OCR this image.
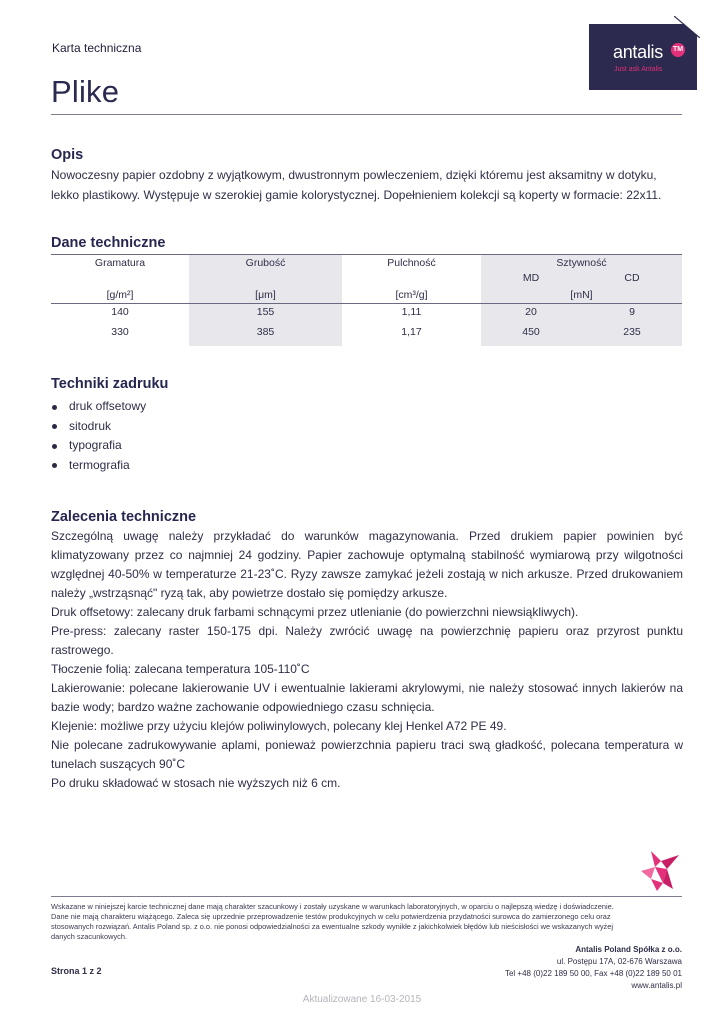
Karta techniczna
Plike
antalis TM
Just ask Antalis
Opis
Nowoczesny papier ozdobny z wyjątkowym, dwustronnym powleczeniem, dzięki któremu jest aksamitny w dotyku, lekko plastikowy. Występuje w szerokiej gamie kolorystycznej. Dopełnieniem kolekcji są koperty w formacie: 22x11.
Dane techniczne
Gramatura	Grubość	Pulchność	Sztywność
MD	CD
[g/m²]	[μm]	[cm³/g]	[mN]
140	155	1,11	20	9
330	385	1,17	450	235
Techniki zadruku
druk offsetowy
sitodruk
typografia
termografia
Zalecenia techniczne

Szczególną uwagę należy przykładać do warunków magazynowania. Przed drukiem papier powinien być klimatyzowany przez co najmniej 24 godziny. Papier zachowuje optymalną stabilność wymiarową przy wilgotności względnej 40-50% w temperaturze 21-23˚C. Ryzy zawsze zamykać jeżeli zostają w nich arkusze. Przed drukowaniem należy „wstrząsnąć" ryzą tak, aby powietrze dostało się pomiędzy arkusze.

Druk offsetowy: zalecany druk farbami schnącymi przez utlenianie (do powierzchni niewsiąkliwych).

Pre-press: zalecany raster 150-175 dpi. Należy zwrócić uwagę na powierzchnię papieru oraz przyrost punktu rastrowego.

Tłoczenie folią: zalecana temperatura 105-110˚C

Lakierowanie: polecane lakierowanie UV i ewentualnie lakierami akrylowymi, nie należy stosować innych lakierów na bazie wody; bardzo ważne zachowanie odpowiedniego czasu schnięcia.

Klejenie: możliwe przy użyciu klejów poliwinylowych, polecany klej Henkel A72 PE 49.

Nie polecane zadrukowywanie aplami, ponieważ powierzchnia papieru traci swą gładkość, polecana temperatura w tunelach suszących 90˚C

Po druku składować w stosach nie wyższych niż 6 cm.

Wskazane w niniejszej karcie technicznej dane mają charakter szacunkowy i zostały uzyskane w warunkach laboratoryjnych, w oparciu o najlepszą wiedzę i doświadczenie.
Dane nie mają charakteru wiążącego. Zaleca się uprzednie przeprowadzenie testów produkcyjnych w celu potwierdzenia przydatności surowca do zamierzonego celu oraz
stosowanych rozwiązań. Antalis Poland sp. z o.o. nie ponosi odpowiedzialności za ewentualne szkody wynikłe z jakichkolwiek błędów lub nieścisłości we wskazanych wyżej
danych szacunkowych.
Antalis Poland Spółka z o.o.
ul. Postępu 17A, 02-676 Warszawa
Tel +48 (0)22 189 50 00, Fax +48 (0)22 189 50 01
www.antalis.pl
Strona 1 z 2
Aktualizowane 16-03-2015
